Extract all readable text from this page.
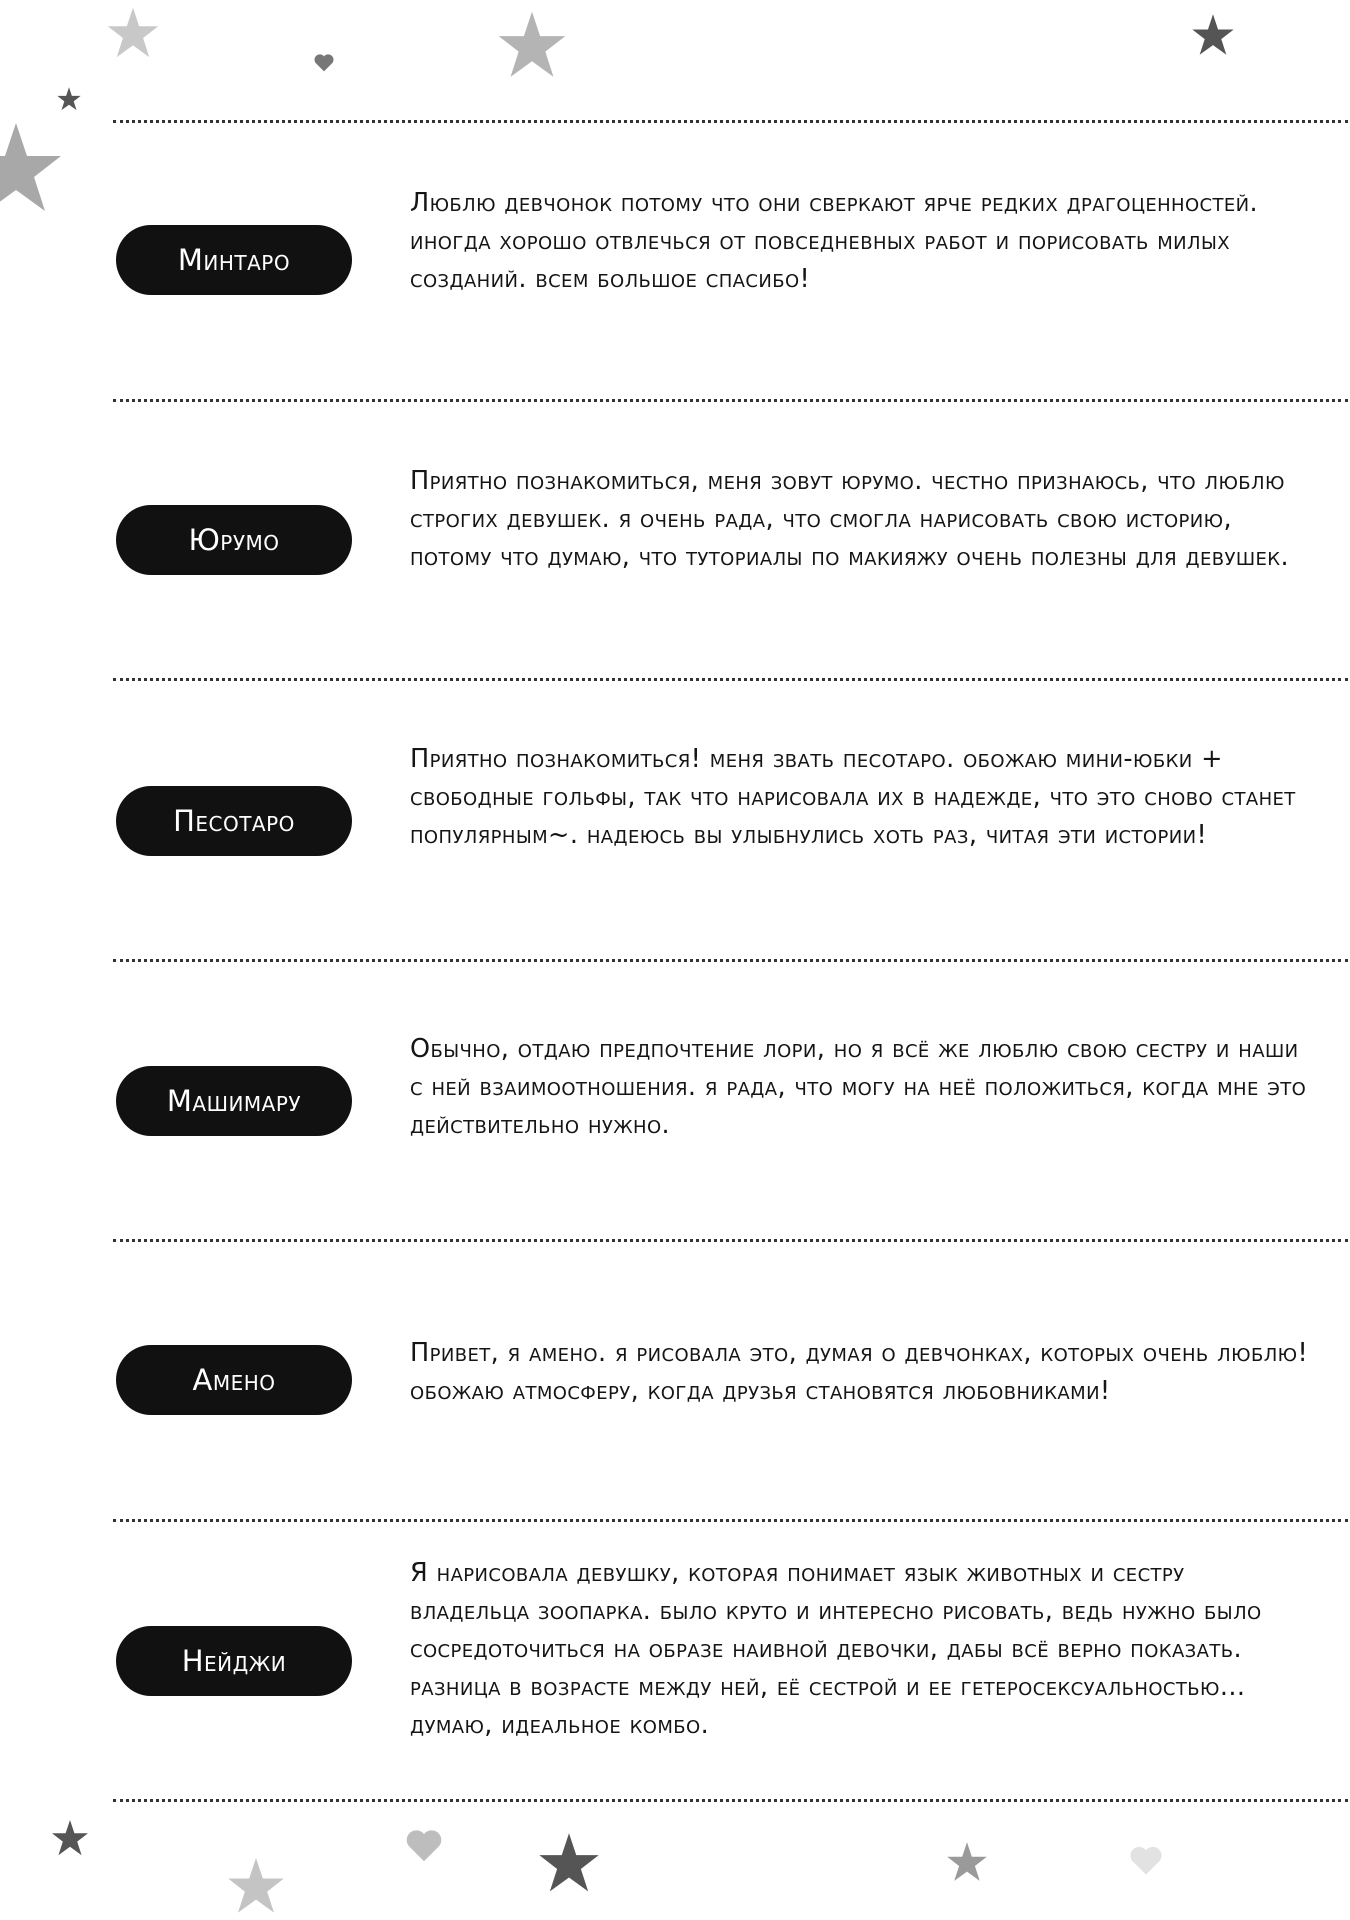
Минтаро

Люблю девчонок потому что они сверкают ярче редких драгоценностей. иногда хорошо отвлечься от повседневных работ и порисовать милых созданий. всем большое спасибо!

Юрумо

Приятно познакомиться, меня зовут юрумо. честно признаюсь, что люблю строгих девушек. я очень рада, что смогла нарисовать свою историю, потому что думаю, что туториалы по макияжу очень полезны для девушек.

Песотаро

Приятно познакомиться! меня звать песотаро. обожаю мини-юбки + свободные гольфы, так что нарисовала их в надежде, что это сново станет популярным~. надеюсь вы улыбнулись хоть раз, читая эти истории!

Машимару

Обычно, отдаю предпочтение лори, но я всё же люблю свою сестру и наши с ней взаимоотношения. я рада, что могу на неё положиться, когда мне это действительно нужно.

Амено

Привет, я амено. я рисовала это, думая о девчонках, которых очень люблю! обожаю атмосферу, когда друзья становятся любовниками!

Нейджи

Я нарисовала девушку, которая понимает язык животных и сестру владельца зоопарка. было круто и интересно рисовать, ведь нужно было сосредоточиться на образе наивной девочки, дабы всё верно показать. разница в возрасте между ней, её сестрой и ее гетеросексуальностью... думаю, идеальное комбо.
